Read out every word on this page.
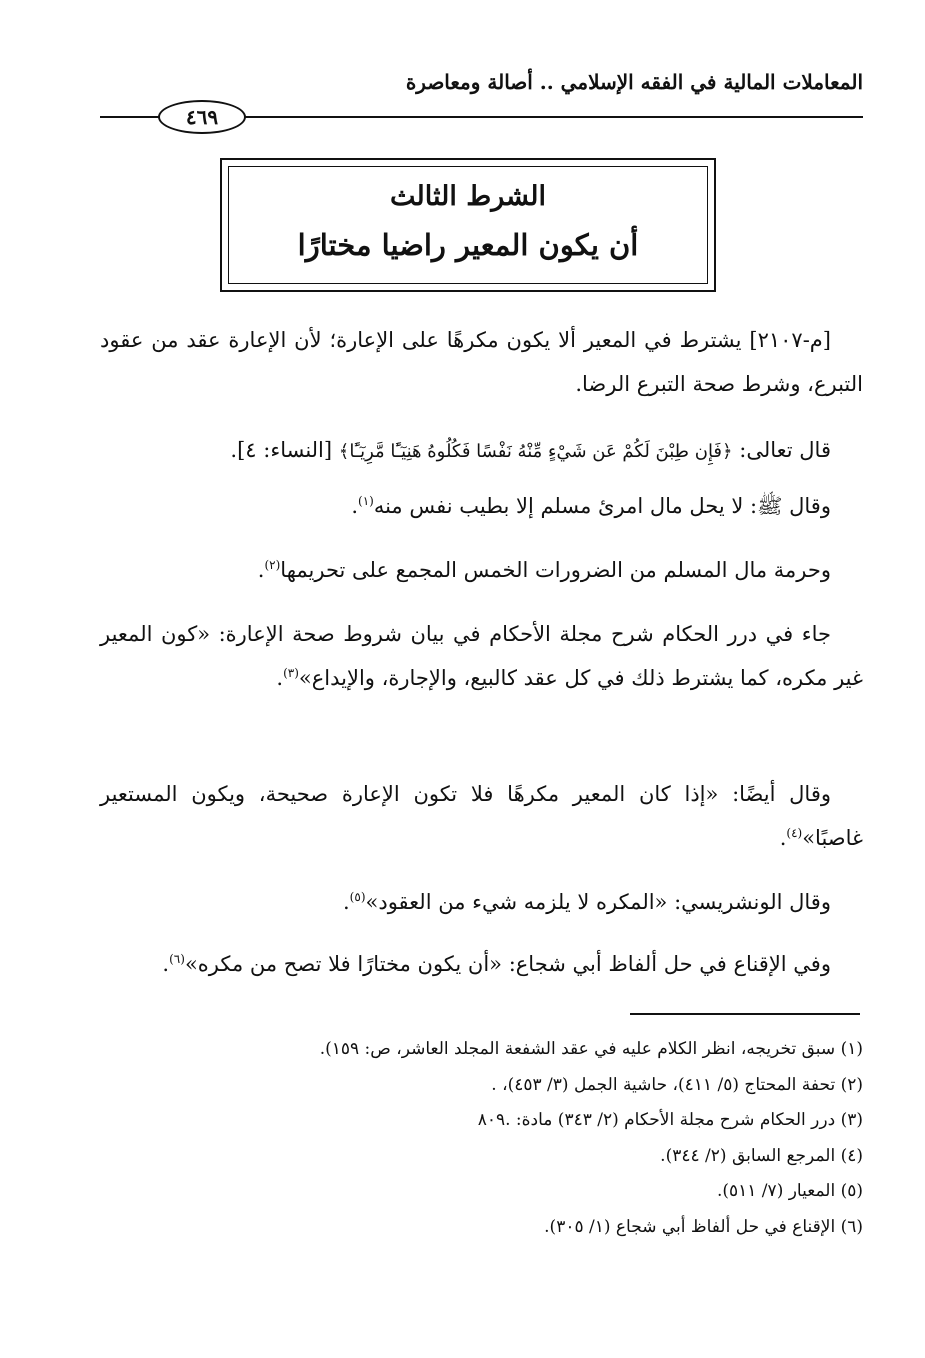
المعاملات المالية في الفقه الإسلامي .. أصالة ومعاصرة
٤٦٩
الشرط الثالث
أن يكون المعير راضيا مختارًا
[م-٢١٠٧] يشترط في المعير ألا يكون مكرهًا على الإعارة؛ لأن الإعارة عقد من عقود التبرع، وشرط صحة التبرع الرضا.
قال تعالى: ﴿فَإِن طِبْنَ لَكُمْ عَن شَيْءٍ مِّنْهُ نَفْسًا فَكُلُوهُ هَنِيٓـًٔا مَّرِيٓـًٔا﴾ [النساء: ٤].
وقال ﷺ: لا يحل مال امرئ مسلم إلا بطيب نفس منه$^{(١)}$.
وحرمة مال المسلم من الضرورات الخمس المجمع على تحريمها$^{(٢)}$.
جاء في درر الحكام شرح مجلة الأحكام في بيان شروط صحة الإعارة: «كون المعير غير مكره، كما يشترط ذلك في كل عقد كالبيع، والإجارة، والإيداع»$^{(٣)}$.
وقال أيضًا: «إذا كان المعير مكرهًا فلا تكون الإعارة صحيحة، ويكون المستعير غاصبًا»$^{(٤)}$.
وقال الونشريسي: «المكره لا يلزمه شيء من العقود»$^{(٥)}$.
وفي الإقناع في حل ألفاظ أبي شجاع: «أن يكون مختارًا فلا تصح من مكره»$^{(٦)}$.
(١) سبق تخريجه، انظر الكلام عليه في عقد الشفعة المجلد العاشر، ص: ١٥٩).
(٢) تحفة المحتاج (٥/ ٤١١)، حاشية الجمل (٣/ ٤٥٣)، .
(٣) درر الحكام شرح مجلة الأحكام (٢/ ٣٤٣) مادة: .٨٠٩
(٤) المرجع السابق (٢/ ٣٤٤).
(٥) المعيار (٧/ ٥١١).
(٦) الإقناع في حل ألفاظ أبي شجاع (١/ ٣٠٥).
